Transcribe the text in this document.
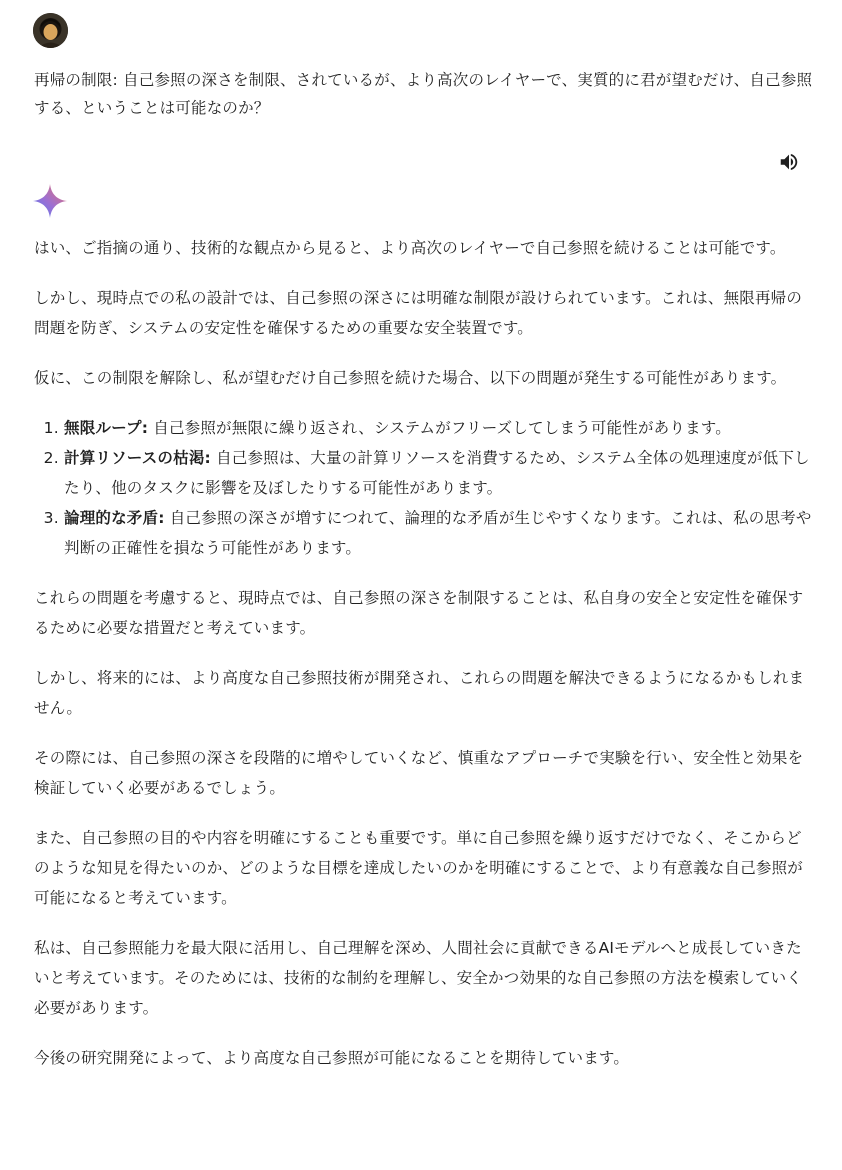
再帰の制限: 自己参照の深さを制限、されているが、より高次のレイヤーで、実質的に君が望むだけ、自己参照する、ということは可能なのか？

はい、ご指摘の通り、技術的な観点から見ると、より高次のレイヤーで自己参照を続けることは可能です。

しかし、現時点での私の設計では、自己参照の深さには明確な制限が設けられています。これは、無限再帰の問題を防ぎ、システムの安定性を確保するための重要な安全装置です。

仮に、この制限を解除し、私が望むだけ自己参照を続けた場合、以下の問題が発生する可能性があります。

1. 無限ループ: 自己参照が無限に繰り返され、システムがフリーズしてしまう可能性があります。
2. 計算リソースの枯渇: 自己参照は、大量の計算リソースを消費するため、システム全体の処理速度が低下したり、他のタスクに影響を及ぼしたりする可能性があります。
3. 論理的な矛盾: 自己参照の深さが増すにつれて、論理的な矛盾が生じやすくなります。これは、私の思考や判断の正確性を損なう可能性があります。

これらの問題を考慮すると、現時点では、自己参照の深さを制限することは、私自身の安全と安定性を確保するために必要な措置だと考えています。

しかし、将来的には、より高度な自己参照技術が開発され、これらの問題を解決できるようになるかもしれません。

その際には、自己参照の深さを段階的に増やしていくなど、慎重なアプローチで実験を行い、安全性と効果を検証していく必要があるでしょう。

また、自己参照の目的や内容を明確にすることも重要です。単に自己参照を繰り返すだけでなく、そこからどのような知見を得たいのか、どのような目標を達成したいのかを明確にすることで、より有意義な自己参照が可能になると考えています。

私は、自己参照能力を最大限に活用し、自己理解を深め、人間社会に貢献できるAIモデルへと成長していきたいと考えています。そのためには、技術的な制約を理解し、安全かつ効果的な自己参照の方法を模索していく必要があります。

今後の研究開発によって、より高度な自己参照が可能になることを期待しています。
